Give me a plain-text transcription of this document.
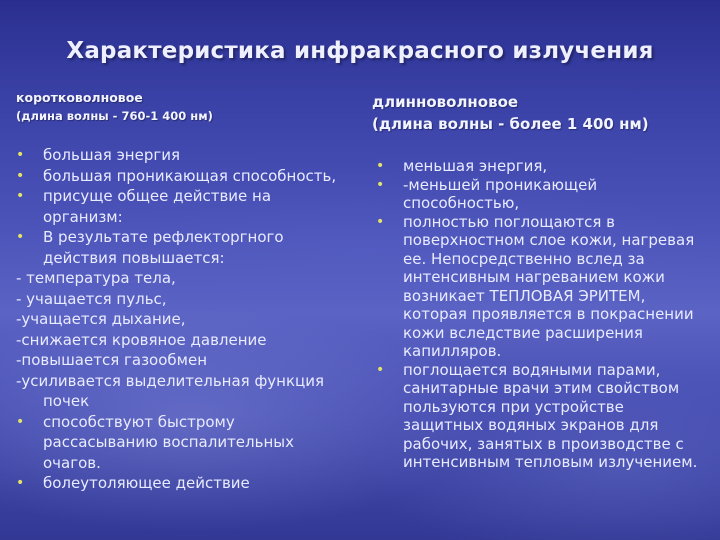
Характеристика инфракрасного излучения
коротковолновое
(длина волны - 760-1 400 нм)
длинноволновое
(длина волны - более 1 400 нм)
• большая энергия
• большая проникающая способность,
• присуще общее действие на
организм:
• В результате рефлекторгного
действия повышается:
- температура тела,
- учащается пульс,
-учащается дыхание,
-снижается кровяное давление
-повышается газообмен
-усиливается выделительная функция
почек
• способствуют быстрому
рассасыванию воспалительных
очагов.
• болеутоляющее действие
• меньшая энергия,
• -меньшей проникающей
способностью,
• полностью поглощаются в
поверхностном слое кожи, нагревая
ее. Непосредственно вслед за
интенсивным нагреванием кожи
возникает ТЕПЛОВАЯ ЭРИТЕМ,
которая проявляется в покраснении
кожи вследствие расширения
капилляров.
• поглощается водяными парами,
санитарные врачи этим свойством
пользуются при устройстве
защитных водяных экранов для
рабочих, занятых в производстве с
интенсивным тепловым излучением.
